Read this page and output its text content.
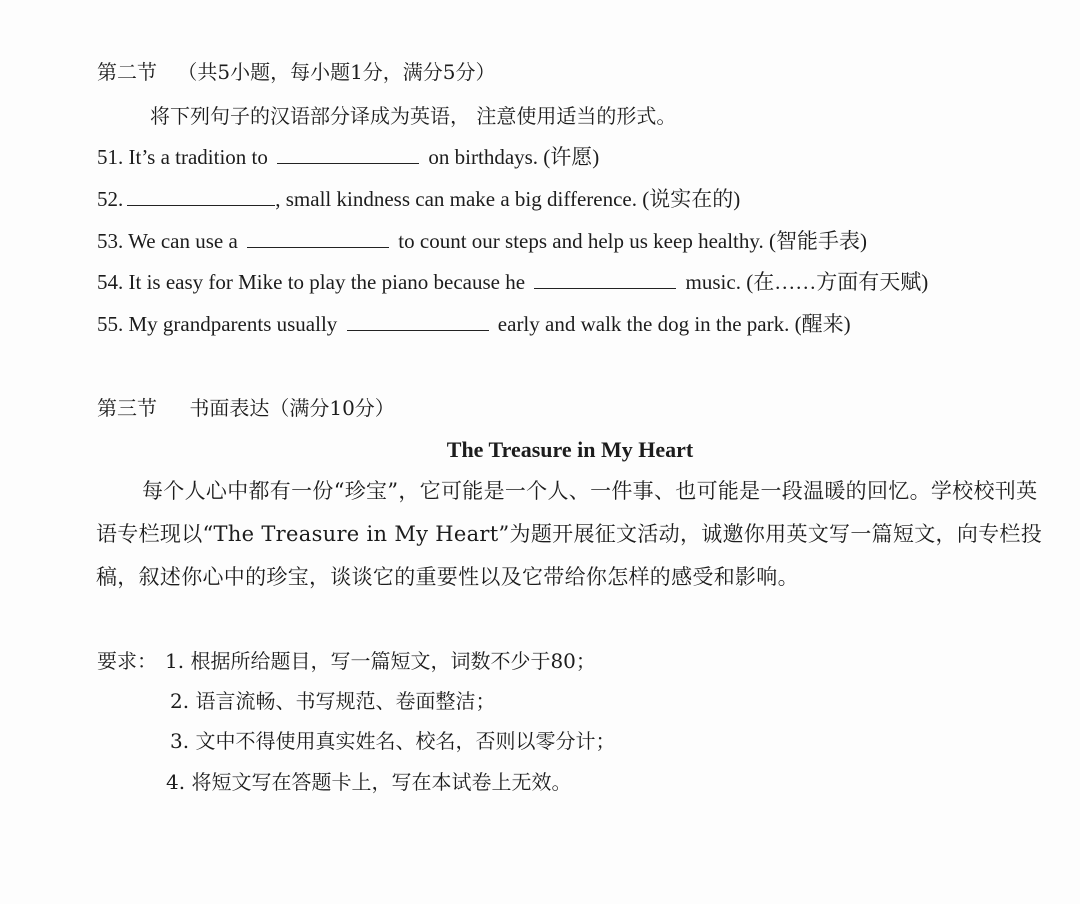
第二节 （共5小题，每小题1分，满分5分）
将下列句子的汉语部分译成为英语， 注意使用适当的形式。
51. It’s a tradition to	on birthdays. (许愿)
52.	, small kindness can make a big difference. (说实在的)
53. We can use a	to count our steps and help us keep healthy. (智能手表)
54. It is easy for Mike to play the piano because he	music. (在……方面有天赋)
55. My grandparents usually	early and walk the dog in the park. (醒来)
第三节 书面表达（满分10分）
The Treasure in My Heart
每个人心中都有一份“珍宝”，它可能是一个人、一件事、也可能是一段温暖的回忆。学校校刊英语专栏现以“The Treasure in My Heart”为题开展征文活动，诚邀你用英文写一篇短文，向专栏投稿，叙述你心中的珍宝，谈谈它的重要性以及它带给你怎样的感受和影响。
要求： 1. 根据所给题目，写一篇短文，词数不少于80；
2. 语言流畅、书写规范、卷面整洁；
3. 文中不得使用真实姓名、校名，否则以零分计；
4. 将短文写在答题卡上，写在本试卷上无效。
